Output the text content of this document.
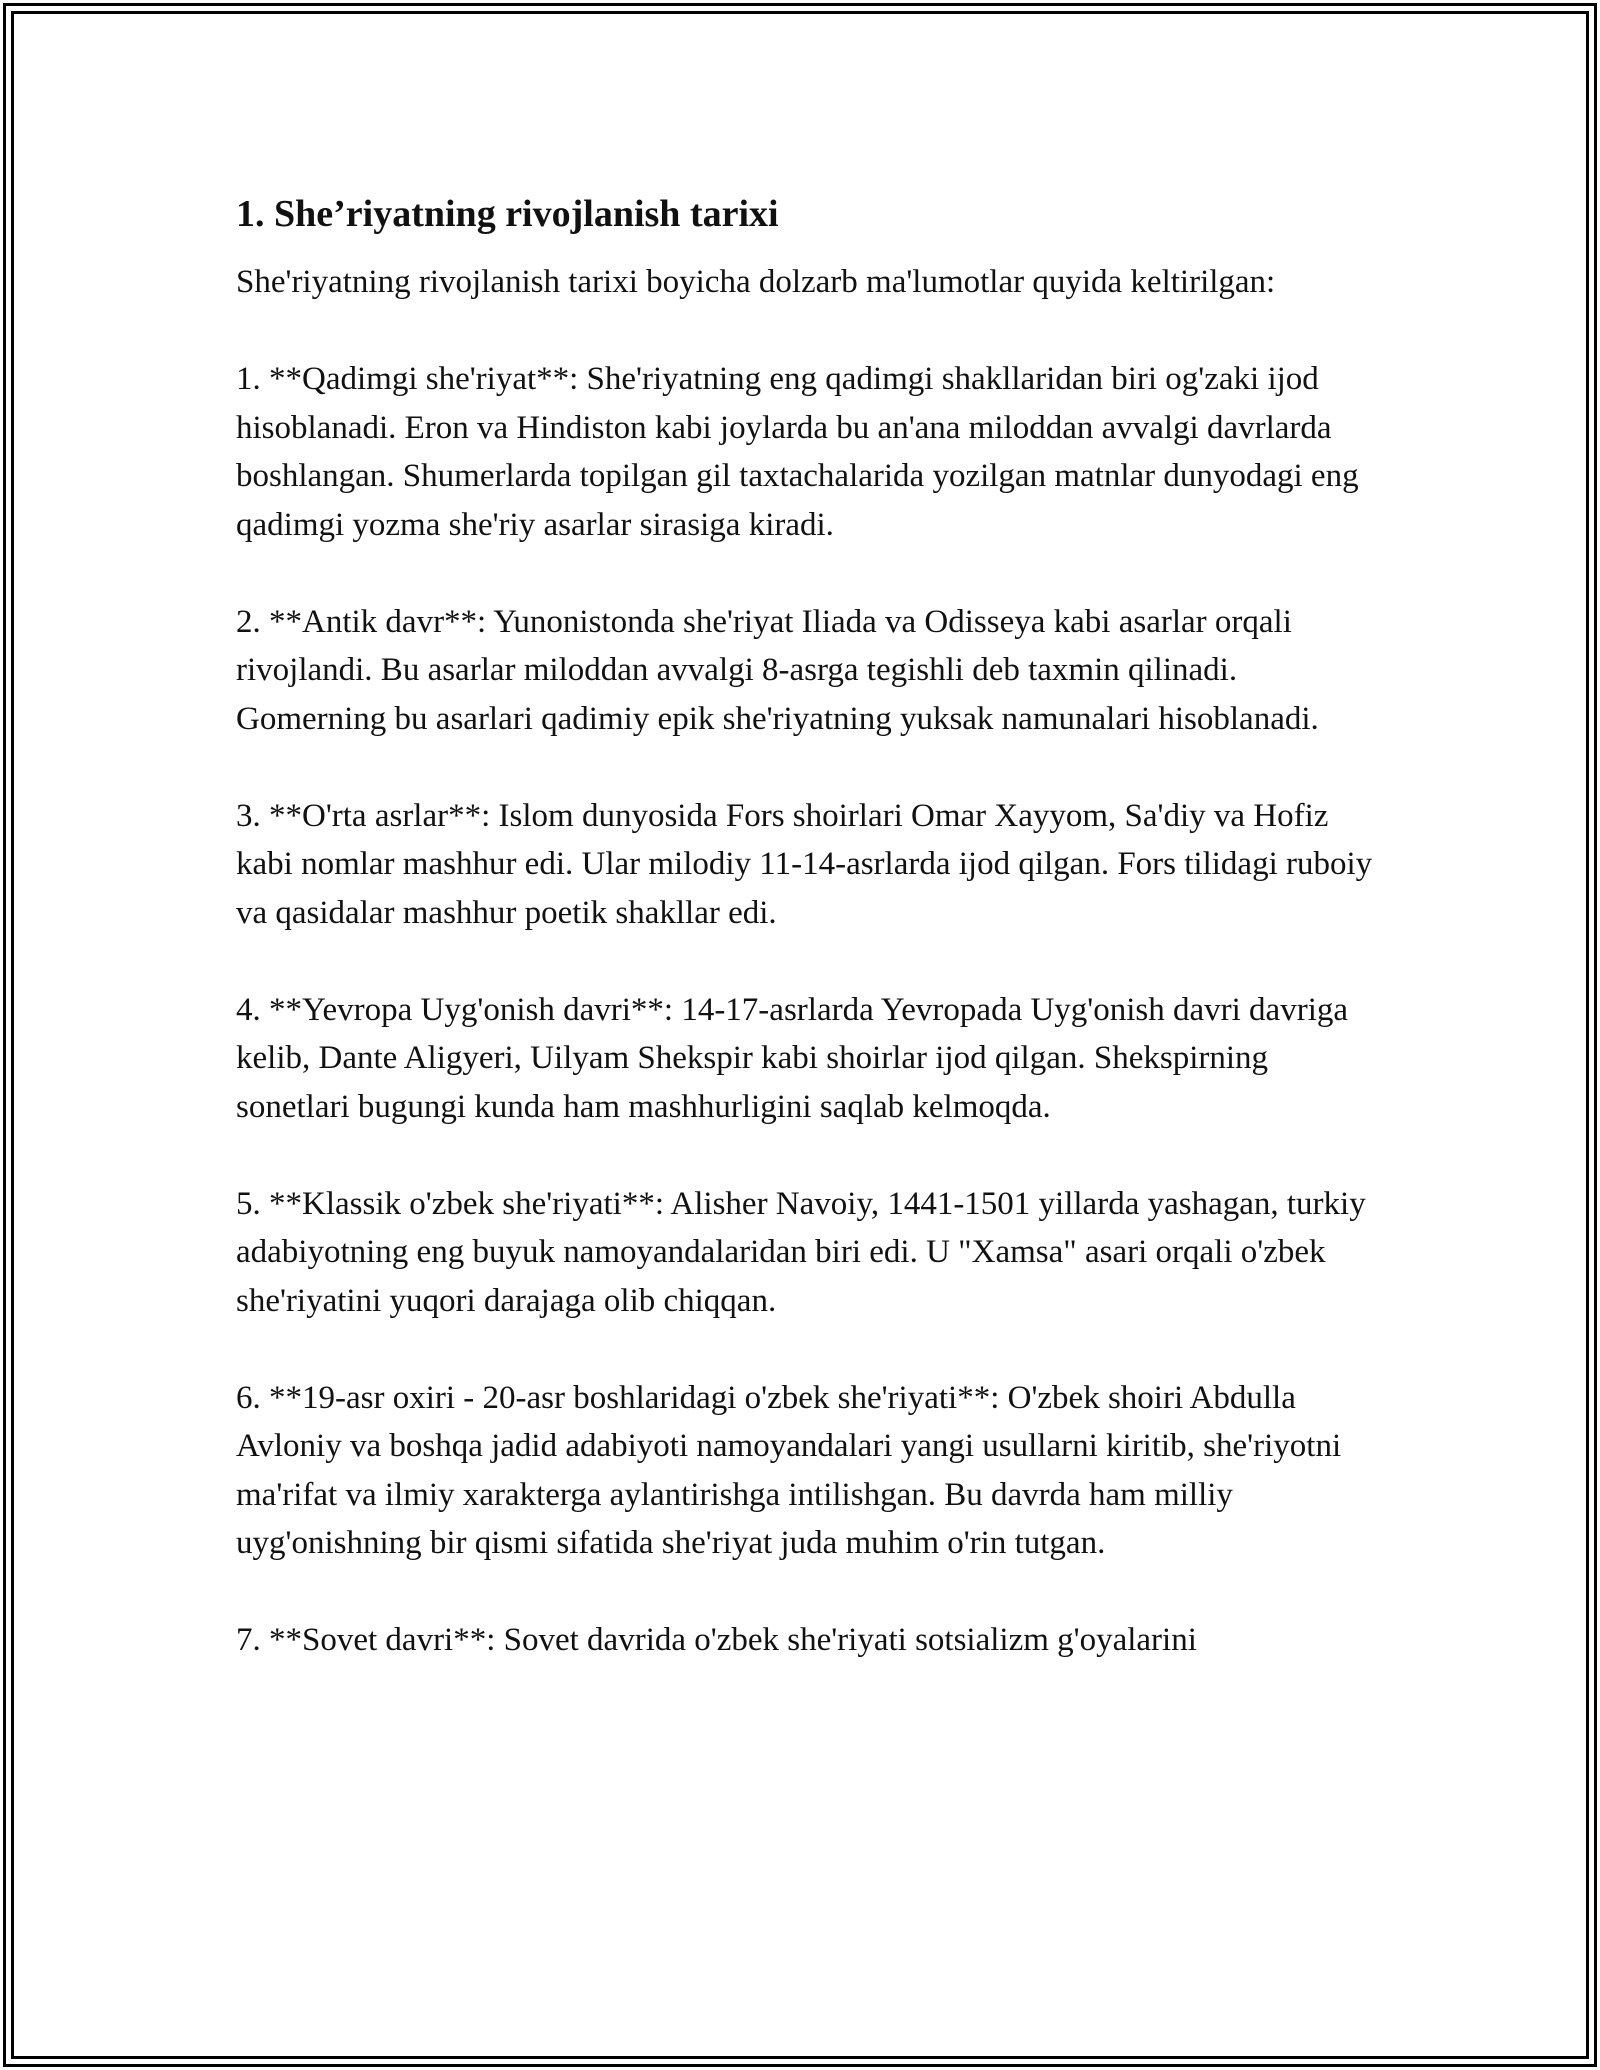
1. She’riyatning rivojlanish tarixi

She'riyatning rivojlanish tarixi boyicha dolzarb ma'lumotlar quyida keltirilgan:

1. **Qadimgi she'riyat**: She'riyatning eng qadimgi shakllaridan biri og'zaki ijod hisoblanadi. Eron va Hindiston kabi joylarda bu an'ana miloddan avvalgi davrlarda boshlangan. Shumerlarda topilgan gil taxtachalarida yozilgan matnlar dunyodagi eng qadimgi yozma she'riy asarlar sirasiga kiradi.

2. **Antik davr**: Yunonistonda she'riyat Iliada va Odisseya kabi asarlar orqali rivojlandi. Bu asarlar miloddan avvalgi 8-asrga tegishli deb taxmin qilinadi. Gomerning bu asarlari qadimiy epik she'riyatning yuksak namunalari hisoblanadi.

3. **O'rta asrlar**: Islom dunyosida Fors shoirlari Omar Xayyom, Sa'diy va Hofiz kabi nomlar mashhur edi. Ular milodiy 11-14-asrlarda ijod qilgan. Fors tilidagi ruboiy va qasidalar mashhur poetik shakllar edi.

4. **Yevropa Uyg'onish davri**: 14-17-asrlarda Yevropada Uyg'onish davri davriga kelib, Dante Aligyeri, Uilyam Shekspir kabi shoirlar ijod qilgan. Shekspirning sonetlari bugungi kunda ham mashhurligini saqlab kelmoqda.

5. **Klassik o'zbek she'riyati**: Alisher Navoiy, 1441-1501 yillarda yashagan, turkiy adabiyotning eng buyuk namoyandalaridan biri edi. U "Xamsa" asari orqali o'zbek she'riyatini yuqori darajaga olib chiqqan.

6. **19-asr oxiri - 20-asr boshlaridagi o'zbek she'riyati**: O'zbek shoiri Abdulla Avloniy va boshqa jadid adabiyoti namoyandalari yangi usullarni kiritib, she'riyotni ma'rifat va ilmiy xarakterga aylantirishga intilishgan. Bu davrda ham milliy uyg'onishning bir qismi sifatida she'riyat juda muhim o'rin tutgan.

7. **Sovet davri**: Sovet davrida o'zbek she'riyati sotsializm g'oyalarini
